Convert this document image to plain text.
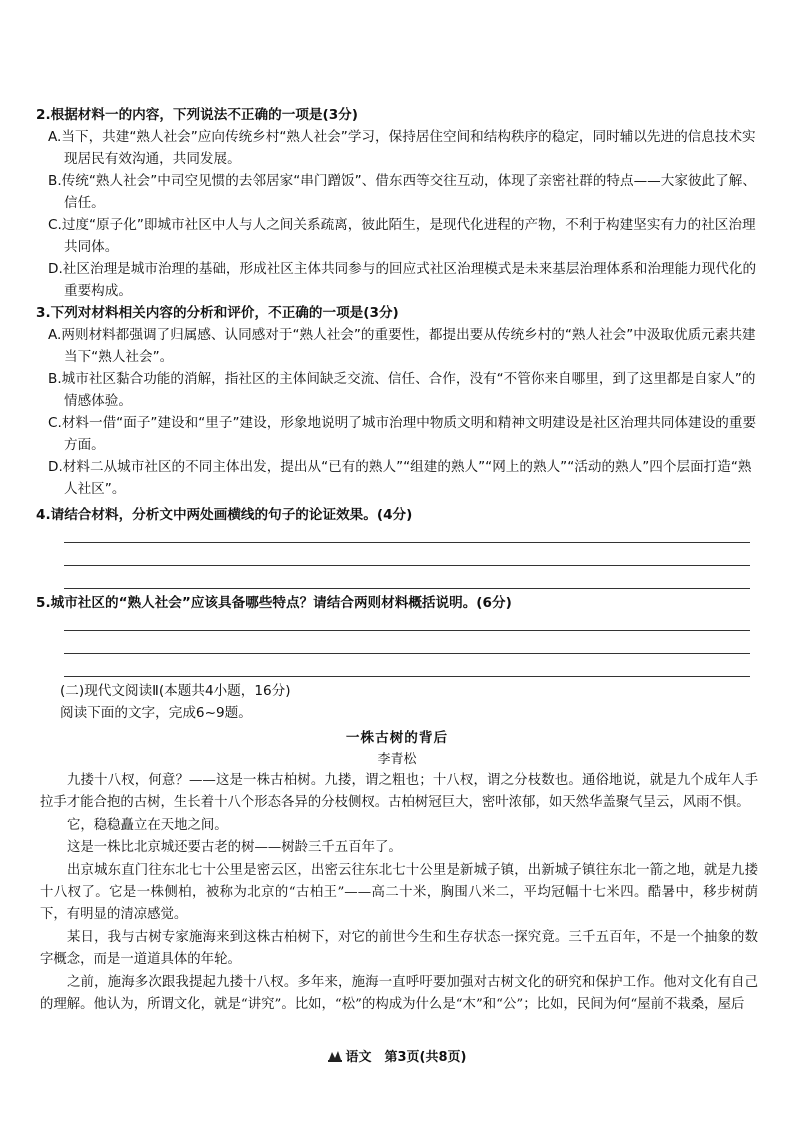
2.根据材料一的内容，下列说法不正确的一项是(3分)
A.当下，共建“熟人社会”应向传统乡村“熟人社会”学习，保持居住空间和结构秩序的稳定，同时辅以先进的信息技术实现居民有效沟通，共同发展。
B.传统“熟人社会”中司空见惯的去邻居家“串门蹭饭”、借东西等交往互动，体现了亲密社群的特点——大家彼此了解、信任。
C.过度“原子化”即城市社区中人与人之间关系疏离，彼此陌生，是现代化进程的产物，不利于构建坚实有力的社区治理共同体。
D.社区治理是城市治理的基础，形成社区主体共同参与的回应式社区治理模式是未来基层治理体系和治理能力现代化的重要构成。
3.下列对材料相关内容的分析和评价，不正确的一项是(3分)
A.两则材料都强调了归属感、认同感对于“熟人社会”的重要性，都提出要从传统乡村的“熟人社会”中汲取优质元素共建当下“熟人社会”。
B.城市社区黏合功能的消解，指社区的主体间缺乏交流、信任、合作，没有“不管你来自哪里，到了这里都是自家人”的情感体验。
C.材料一借“面子”建设和“里子”建设，形象地说明了城市治理中物质文明和精神文明建设是社区治理共同体建设的重要方面。
D.材料二从城市社区的不同主体出发，提出从“已有的熟人”“组建的熟人”“网上的熟人”“活动的熟人”四个层面打造“熟人社区”。
4.请结合材料，分析文中两处画横线的句子的论证效果。(4分)
5.城市社区的“熟人社会”应该具备哪些特点？请结合两则材料概括说明。(6分)
(二)现代文阅读Ⅱ(本题共4小题，16分)
阅读下面的文字，完成6~9题。
一株古树的背后
李青松

九搂十八杈，何意？——这是一株古柏树。九搂，谓之粗也；十八杈，谓之分枝数也。通俗地说，就是九个成年人手拉手才能合抱的古树，生长着十八个形态各异的分枝侧杈。古柏树冠巨大，密叶浓郁，如天然华盖聚气呈云，风雨不惧。

它，稳稳矗立在天地之间。

这是一株比北京城还要古老的树——树龄三千五百年了。

出京城东直门往东北七十公里是密云区，出密云往东北七十公里是新城子镇，出新城子镇往东北一箭之地，就是九搂十八杈了。它是一株侧柏，被称为北京的“古柏王”——高二十米，胸围八米二，平均冠幅十七米四。酷暑中，移步树荫下，有明显的清凉感觉。

某日，我与古树专家施海来到这株古柏树下，对它的前世今生和生存状态一探究竟。三千五百年，不是一个抽象的数字概念，而是一道道具体的年轮。

之前，施海多次跟我提起九搂十八杈。多年来，施海一直呼吁要加强对古树文化的研究和保护工作。他对文化有自己的理解。他认为，所谓文化，就是“讲究”。比如，“松”的构成为什么是“木”和“公”；比如，民间为何“屋前不栽桑，屋后

语文　第3页(共8页)
